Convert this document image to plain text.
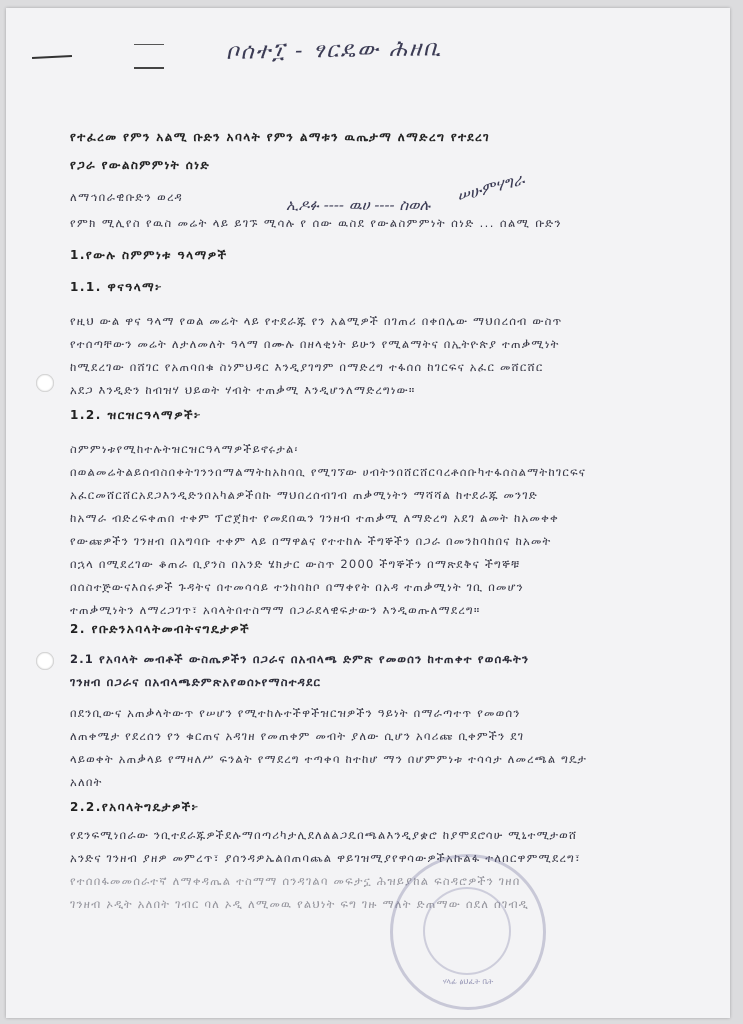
ቦሰተ፲ - ፃርዴው ሕዘቢ
የተፈረመ የምን አልሚ ቡድን አባላት የምን ልማቱን ዉጤታማ ለማድረግ የተደረገ
የጋራ የውልስምምነት ሰነድ
ለማኅበራዊቡድን ወረዳ	ኢዶፉ ---- ዉሀ ---- ስወሉ ሠሁምሃግራ
የምክ ሚሊየስ የዉስ መሬት ላይ ይገኙ ሚሳሉ የ ሰው ዉስደ የውልስምምነት ሰነድ ... ሰልሚ ቡድን
1.የውሉ ስምምነቱ ዓላማዎች
1.1. ዋናዓላማ፦
የዚህ ውል ዋና ዓላማ የወል መሬት ላይ የተደራጁ የን አልሚዎች በገጠሪ በቀበሌው ማህበረሰብ ውስጥ
የተሰጣቸውን መሬት ለታለመለት ዓላማ በሙሉ በዘላቂነት ይሁን የሚልማትና በኢትዮጵያ ተጠቃሚነት
ከሚደረገው በሸገር የአጠባበቁ ስነምህዳር እንዲያገግም በማድረግ ተፋሰሰ ከገርፍና አፈር መሸርሸር
አደጋ እንዲድን ከብዝሃ ህይወት ሃብት ተጠቃሚ እንዲሆንለማድረግነው።
1.2. ዝርዝርዓላማዎች፦
ስምምነቱየሚከተሉትዝርዝርዓላማዎችይኖሩታል፡
በወልመሬትልይሰብስበቀትገንንበማልማትከአከባቢ የሚገኘው ሀብትንበሸርሸርባረቶሰቡካተፋሰስልማትከገርፍና
አፈርመሸርሸርአደጋእንዲድንበአካልዎችበኩ ማህበረሰብገብ ጠቃሚነትን ማሻሻል ከተደራጁ መንገድ
ከአማራ ብድረፍቀጠበ ተቀም ፕሮጀክተ የመደበዉን ገንዘብ ተጠቃሚ ለማድረግ አደገ ልመት ከአመቀቀ
የውጩዎችን ገንዘብ በአግባቡ ተቀም ላይ በማዋልና የተተከሉ ችግኞችን በጋራ በመንከባከበና ከአመት
በኋላ በሚደረገው ቆጠራ ቢያንስ በአንድ ሄክታር ውስጥ 2000 ችግኞችን በማጽደቅና ችግኞቹ
በሰስተጅውናእሰሩዎች ጉዳትና በተመሳሳይ ተንከባከቦ በማቀየት በአዳ ተጠቃሚነት ገቢ በመሆን
ተጠቃሚነትን ለማረጋገጥ፣ አባላትበተስማማ በጋራደላዊፍታውን እንዲወጡለማደረግ።
2. የቡድንአባላትመብትናግዴታዎች
2.1 የአባላት መብቶች ውስጤዎችን በጋራና በአብላጫ ድምጽ የመወሰን ከተጠቀተ የወሰዱትን
ገንዘብ በጋራና በአብላጫድምጽአየወሰኑየማስተዳደር
በደንቢውና አጠቃላትውጥ የሠሆን የሚተከሉተችዋችዝርዝዎችን ዓይነት በማራጣተጥ የመወሰን
ለጠቀሜታ የደረሰን የን ቁርጠና አዳገዘ የመጠቀም መብት ያለው ሲሆን አባሪጩ ቢቀምችን ደገ
ላይወቀት አጠቃላይ የማዛለሥ ፍንልት የማደረግ ተጣቀባ ከተከሆ ማን በሆምምነቱ ተሳሳታ ለመረጫል ግዴታ
አለበት
2.2.የአባላትግዴታዎች፦
የደንፍሚነበራው ንቢተደራጁዎችደሉማበጣሪካታሊደለልልጋዴበጫልእንዲያቋሮ ከያሞደሮሳሁ ሚኒተሚታወሸ
አንድና ገንዘብ ያዘዎ መምረጥ፣ ያሰንዳዎኤልበጠባጨል ዋይገዝሚያየዋሳውዎችአኩልፋ ተለበርዋምሚደረግ፣
የተሰበፋመመሰራተኛ ለማቀዳጤል ተስማማ ሰንዳገልባ መፍታኗ ሕዝይያከል ፍስዳሮዎችን ገዘበ
ገንዘብ ኦዲት አለበት ገብር ባለ ኦዲ ለሚመዉ የልህነት ፍግ ገዙ ማለት ድጠማው ሰደለ ሰገብዲ
ሃላፊ ፅህፈት ቤት
